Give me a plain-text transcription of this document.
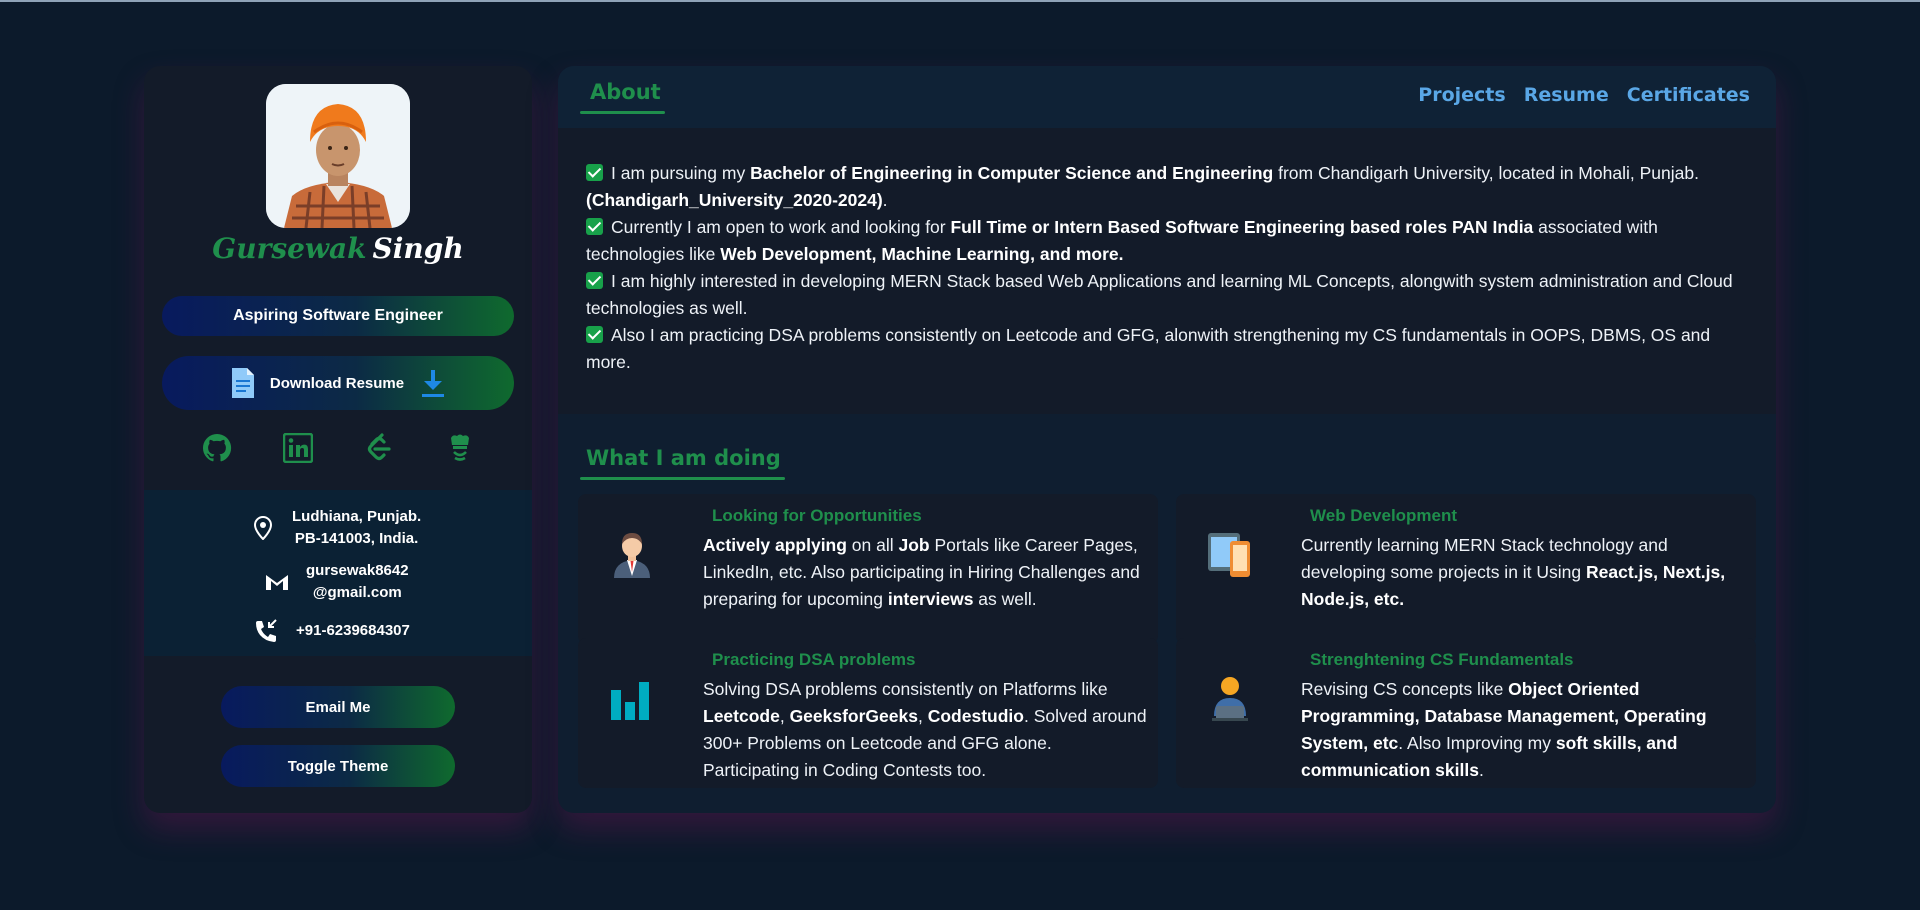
Gursewak Singh
Aspiring Software Engineer
Download Resume
Ludhiana, Punjab.
PB-141003, India.
gursewak8642
@gmail.com
+91-6239684307
Email Me
Toggle Theme
About	Projects Resume Certificates

I am pursuing my Bachelor of Engineering in Computer Science and Engineering from Chandigarh University, located in Mohali, Punjab. (Chandigarh_University_2020-2024).

Currently I am open to work and looking for Full Time or Intern Based Software Engineering based roles PAN India associated with technologies like Web Development, Machine Learning, and more.

I am highly interested in developing MERN Stack based Web Applications and learning ML Concepts, alongwith system administration and Cloud technologies as well.

Also I am practicing DSA problems consistently on Leetcode and GFG, alonwith strengthening my CS fundamentals in OOPS, DBMS, OS and more.

What I am doing
Looking for Opportunities
Actively applying on all Job Portals like Career Pages, LinkedIn, etc. Also participating in Hiring Challenges and preparing for upcoming interviews as well.
Web Development
Currently learning MERN Stack technology and developing some projects in it Using React.js, Next.js, Node.js, etc.
Practicing DSA problems
Solving DSA problems consistently on Platforms like Leetcode, GeeksforGeeks, Codestudio. Solved around 300+ Problems on Leetcode and GFG alone. Participating in Coding Contests too.
Strenghtening CS Fundamentals
Revising CS concepts like Object Oriented Programming, Database Management, Operating System, etc. Also Improving my soft skills, and communication skills.
